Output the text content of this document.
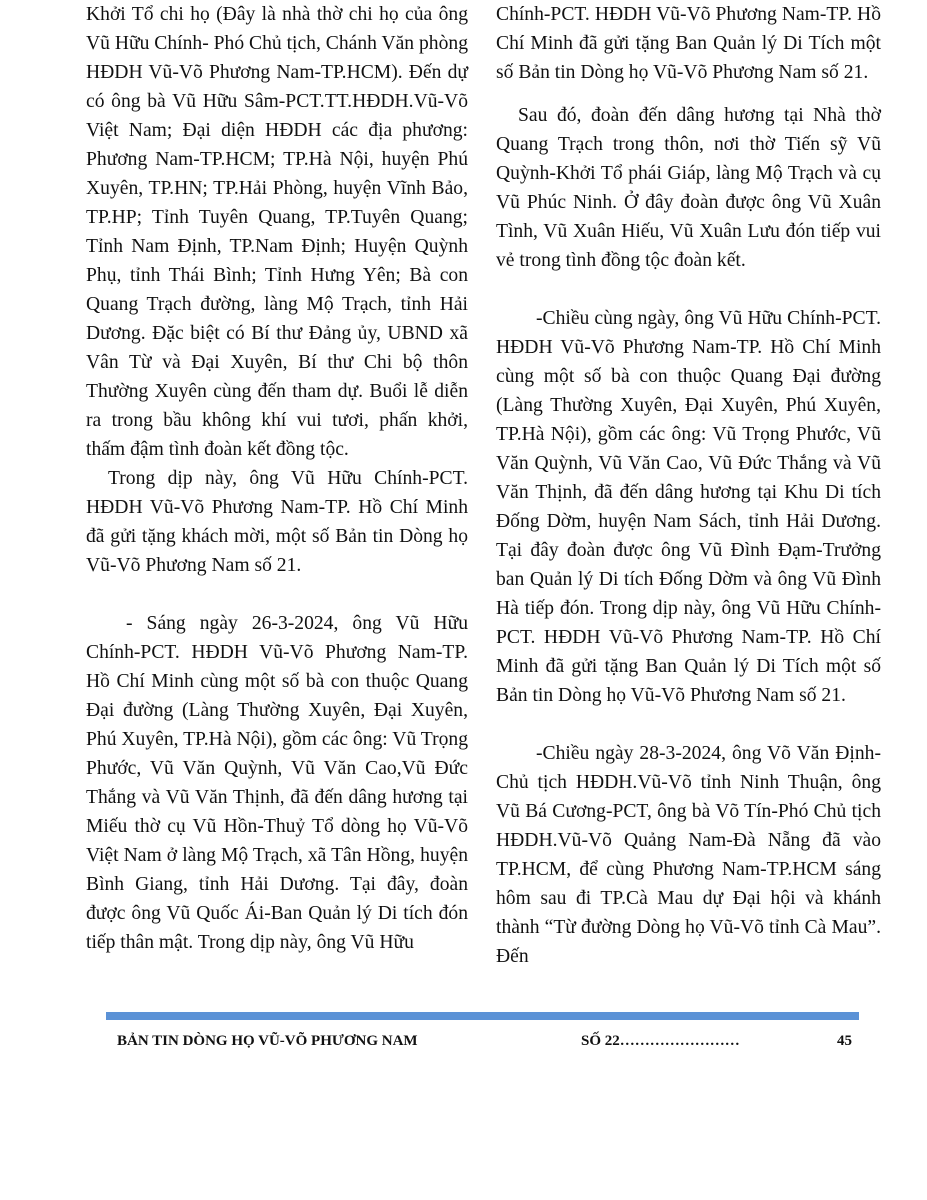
Khởi Tổ chi họ (Đây là nhà thờ chi họ của ông Vũ Hữu Chính- Phó Chủ tịch, Chánh Văn phòng HĐDH Vũ-Võ Phương Nam-TP.HCM). Đến dự có ông bà Vũ Hữu Sâm-PCT.TT.HĐDH.Vũ-Võ Việt Nam; Đại diện HĐDH các địa phương: Phương Nam-TP.HCM; TP.Hà Nội, huyện Phú Xuyên, TP.HN; TP.Hải Phòng, huyện Vĩnh Bảo, TP.HP; Tỉnh Tuyên Quang, TP.Tuyên Quang; Tỉnh Nam Định, TP.Nam Định; Huyện Quỳnh Phụ, tỉnh Thái Bình; Tỉnh Hưng Yên; Bà con Quang Trạch đường, làng Mộ Trạch, tỉnh Hải Dương. Đặc biệt có Bí thư Đảng ủy, UBND xã Vân Từ và Đại Xuyên, Bí thư Chi bộ thôn Thường Xuyên cùng đến tham dự. Buổi lễ diễn ra trong bầu không khí vui tươi, phấn khởi, thấm đậm tình đoàn kết đồng tộc.

Trong dịp này, ông Vũ Hữu Chính-PCT. HĐDH Vũ-Võ Phương Nam-TP. Hồ Chí Minh đã gửi tặng khách mời, một số Bản tin Dòng họ Vũ-Võ Phương Nam số 21.

- Sáng ngày 26-3-2024, ông Vũ Hữu Chính-PCT. HĐDH Vũ-Võ Phương Nam-TP. Hồ Chí Minh cùng một số bà con thuộc Quang Đại đường (Làng Thường Xuyên, Đại Xuyên, Phú Xuyên, TP.Hà Nội), gồm các ông: Vũ Trọng Phước, Vũ Văn Quỳnh, Vũ Văn Cao,Vũ Đức Thắng và Vũ Văn Thịnh, đã đến dâng hương tại Miếu thờ cụ Vũ Hồn-Thuỷ Tổ dòng họ Vũ-Võ Việt Nam ở làng Mộ Trạch, xã Tân Hồng, huyện Bình Giang, tỉnh Hải Dương. Tại đây, đoàn được ông Vũ Quốc Ái-Ban Quản lý Di tích đón tiếp thân mật. Trong dịp này, ông Vũ Hữu

Chính-PCT. HĐDH Vũ-Võ Phương Nam-TP. Hồ Chí Minh đã gửi tặng Ban Quản lý Di Tích một số Bản tin Dòng họ Vũ-Võ Phương Nam số 21.

Sau đó, đoàn đến dâng hương tại Nhà thờ Quang Trạch trong thôn, nơi thờ Tiến sỹ Vũ Quỳnh-Khởi Tổ phái Giáp, làng Mộ Trạch và cụ Vũ Phúc Ninh. Ở đây đoàn được ông Vũ Xuân Tình, Vũ Xuân Hiếu, Vũ Xuân Lưu đón tiếp vui vẻ trong tình đồng tộc đoàn kết.

-Chiều cùng ngày, ông Vũ Hữu Chính-PCT. HĐDH Vũ-Võ Phương Nam-TP. Hồ Chí Minh cùng một số bà con thuộc Quang Đại đường (Làng Thường Xuyên, Đại Xuyên, Phú Xuyên, TP.Hà Nội), gồm các ông: Vũ Trọng Phước, Vũ Văn Quỳnh, Vũ Văn Cao, Vũ Đức Thắng và Vũ Văn Thịnh, đã đến dâng hương tại Khu Di tích Đống Dờm, huyện Nam Sách, tỉnh Hải Dương. Tại đây đoàn được ông Vũ Đình Đạm-Trưởng ban Quản lý Di tích Đống Dờm và ông Vũ Đình Hà tiếp đón. Trong dịp này, ông Vũ Hữu Chính-PCT. HĐDH Vũ-Võ Phương Nam-TP. Hồ Chí Minh đã gửi tặng Ban Quản lý Di Tích một số Bản tin Dòng họ Vũ-Võ Phương Nam số 21.

-Chiều ngày 28-3-2024, ông Võ Văn Định-Chủ tịch HĐDH.Vũ-Võ tỉnh Ninh Thuận, ông Vũ Bá Cương-PCT, ông bà Võ Tín-Phó Chủ tịch HĐDH.Vũ-Võ Quảng Nam-Đà Nẵng đã vào TP.HCM, để cùng Phương Nam-TP.HCM sáng hôm sau đi TP.Cà Mau dự Đại hội và khánh thành “Từ đường Dòng họ Vũ-Võ tỉnh Cà Mau”. Đến

BẢN TIN DÒNG HỌ VŨ-VÕ PHƯƠNG NAM	SỐ 22……………………	45
